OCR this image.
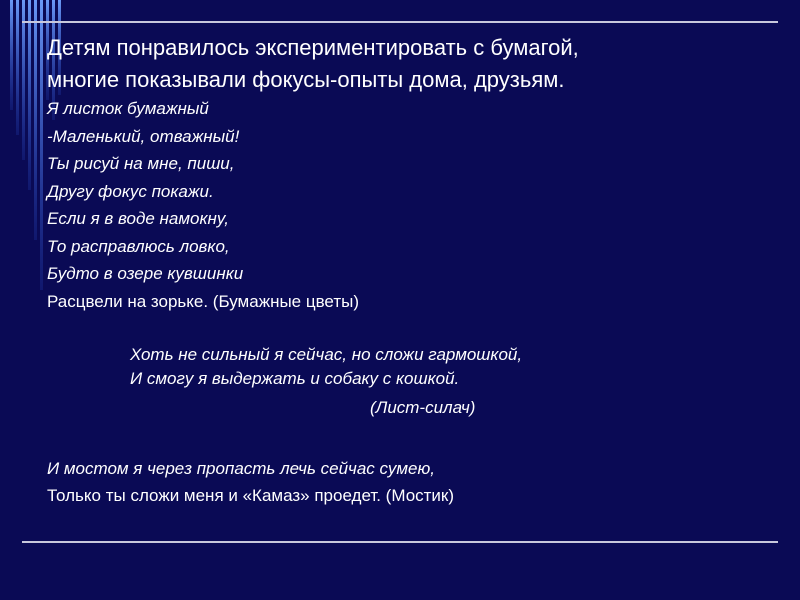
Детям понравилось экспериментировать с бумагой,
многие показывали фокусы-опыты дома, друзьям.
Я листок бумажный
-Маленький, отважный!
Ты рисуй на мне, пиши,
Другу фокус покажи.
Если я в воде намокну,
То расправлюсь ловко,
Будто в озере кувшинки
Расцвели на зорьке. (Бумажные цветы)
Хоть не сильный я сейчас, но сложи гармошкой,
И смогу я выдержать и собаку с кошкой.
(Лист-силач)
И мостом я через пропасть лечь сейчас сумею,
Только ты сложи меня и «Камаз» проедет. (Мостик)
